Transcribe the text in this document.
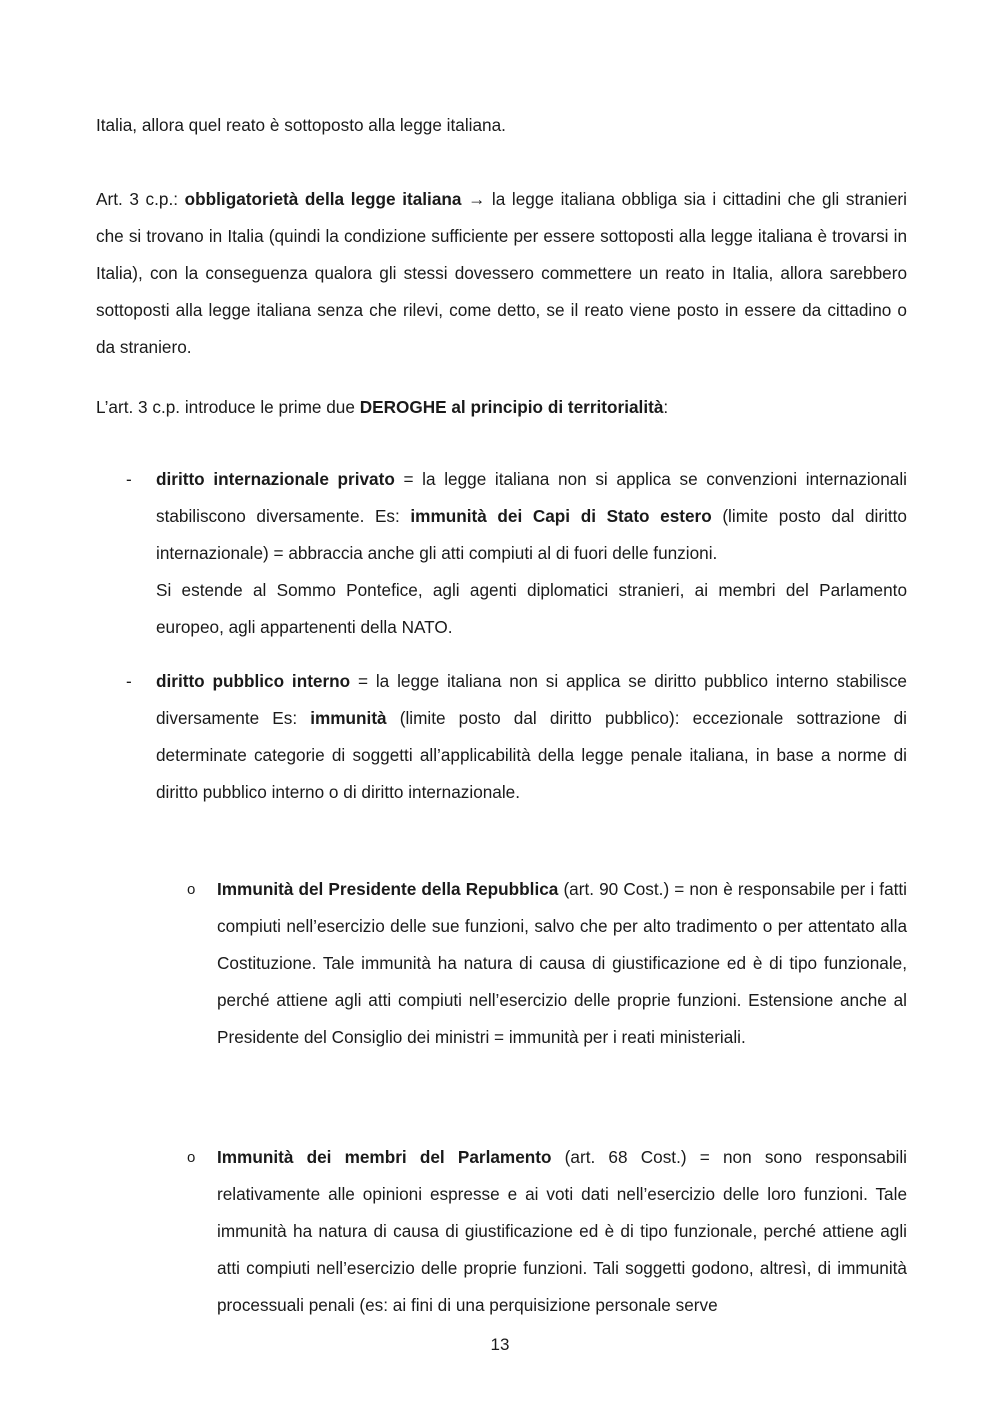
Italia, allora quel reato è sottoposto alla legge italiana.

Art. 3 c.p.: obbligatorietà della legge italiana → la legge italiana obbliga sia i cittadini che gli stranieri che si trovano in Italia (quindi la condizione sufficiente per essere sottoposti alla legge italiana è trovarsi in Italia), con la conseguenza qualora gli stessi dovessero commettere un reato in Italia, allora sarebbero sottoposti alla legge italiana senza che rilevi, come detto, se il reato viene posto in essere da cittadino o da straniero.

L’art. 3 c.p. introduce le prime due DEROGHE al principio di territorialità:

- diritto internazionale privato = la legge italiana non si applica se convenzioni internazionali stabiliscono diversamente. Es: immunità dei Capi di Stato estero (limite posto dal diritto internazionale) = abbraccia anche gli atti compiuti al di fuori delle funzioni.
Si estende al Sommo Pontefice, agli agenti diplomatici stranieri, ai membri del Parlamento europeo, agli appartenenti della NATO.
- diritto pubblico interno = la legge italiana non si applica se diritto pubblico interno stabilisce diversamente Es: immunità (limite posto dal diritto pubblico): eccezionale sottrazione di determinate categorie di soggetti all’applicabilità della legge penale italiana, in base a norme di diritto pubblico interno o di diritto internazionale.
o Immunità del Presidente della Repubblica (art. 90 Cost.) = non è responsabile per i fatti compiuti nell’esercizio delle sue funzioni, salvo che per alto tradimento o per attentato alla Costituzione. Tale immunità ha natura di causa di giustificazione ed è di tipo funzionale, perché attiene agli atti compiuti nell’esercizio delle proprie funzioni. Estensione anche al Presidente del Consiglio dei ministri = immunità per i reati ministeriali.
o Immunità dei membri del Parlamento (art. 68 Cost.) = non sono responsabili relativamente alle opinioni espresse e ai voti dati nell’esercizio delle loro funzioni. Tale immunità ha natura di causa di giustificazione ed è di tipo funzionale, perché attiene agli atti compiuti nell’esercizio delle proprie funzioni. Tali soggetti godono, altresì, di immunità processuali penali (es: ai fini di una perquisizione personale serve
13
